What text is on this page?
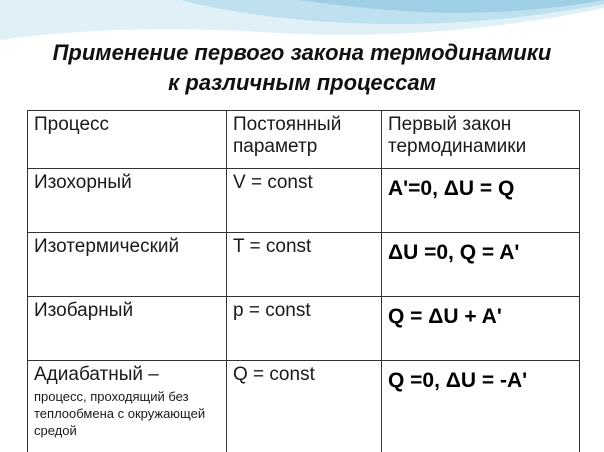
Применение первого закона термодинамики
к различным процессам
Процесс	Постоянный параметр	Первый закон термодинамики
Изохорный	V = const	A'=0, ΔU = Q
Изотермический	T = const	ΔU =0, Q = A'
Изобарный	p = const	Q = ΔU + A'
Адиабатный –
процесс, проходящий без теплообмена с окружающей средой	Q = const	Q =0, ΔU = -A'
